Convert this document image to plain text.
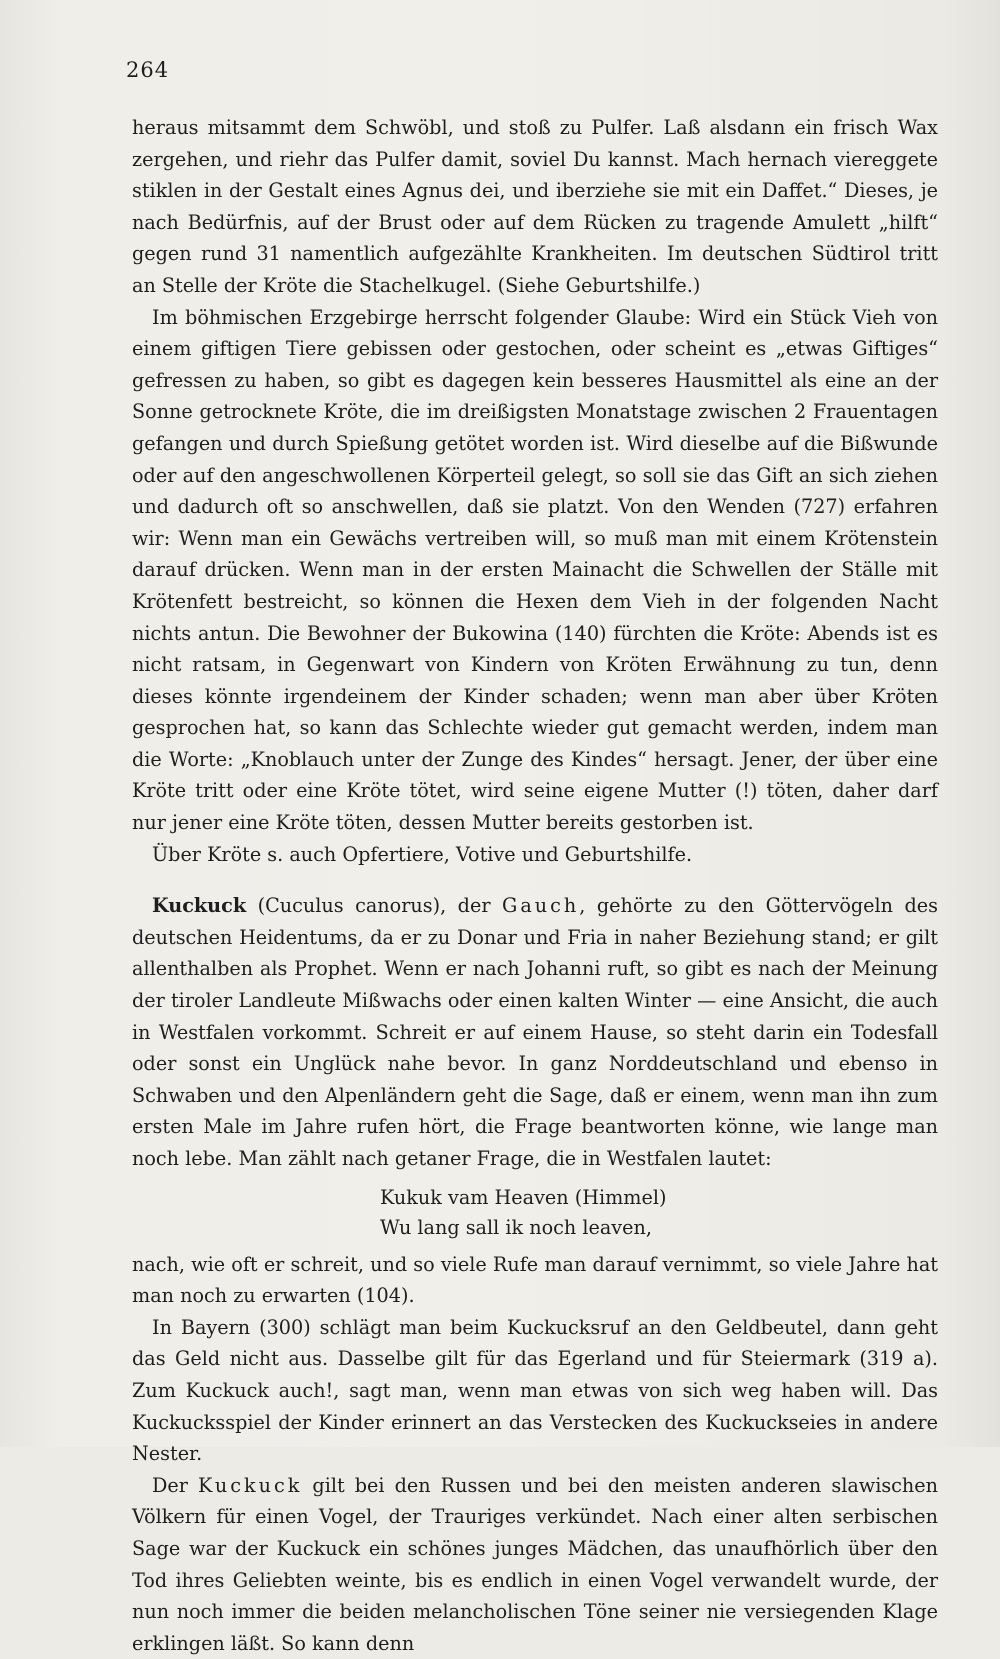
264

heraus mitsammt dem Schwöbl, und stoß zu Pulfer. Laß alsdann ein frisch Wax zergehen, und riehr das Pulfer damit, soviel Du kannst. Mach hernach viereggete stiklen in der Gestalt eines Agnus dei, und iberziehe sie mit ein Daffet.“ Dieses, je nach Bedürfnis, auf der Brust oder auf dem Rücken zu tragende Amulett „hilft“ gegen rund 31 namentlich aufgezählte Krankheiten. Im deutschen Südtirol tritt an Stelle der Kröte die Stachelkugel. (Siehe Geburtshilfe.)

Im böhmischen Erzgebirge herrscht folgender Glaube: Wird ein Stück Vieh von einem giftigen Tiere gebissen oder gestochen, oder scheint es „etwas Giftiges“ gefressen zu haben, so gibt es dagegen kein besseres Hausmittel als eine an der Sonne getrocknete Kröte, die im dreißigsten Monatstage zwischen 2 Frauentagen gefangen und durch Spießung getötet worden ist. Wird dieselbe auf die Bißwunde oder auf den angeschwollenen Körperteil gelegt, so soll sie das Gift an sich ziehen und dadurch oft so anschwellen, daß sie platzt. Von den Wenden (727) erfahren wir: Wenn man ein Gewächs vertreiben will, so muß man mit einem Krötenstein darauf drücken. Wenn man in der ersten Mainacht die Schwellen der Ställe mit Krötenfett bestreicht, so können die Hexen dem Vieh in der folgenden Nacht nichts antun. Die Bewohner der Bukowina (140) fürchten die Kröte: Abends ist es nicht ratsam, in Gegenwart von Kindern von Kröten Erwähnung zu tun, denn dieses könnte irgendeinem der Kinder schaden; wenn man aber über Kröten gesprochen hat, so kann das Schlechte wieder gut gemacht werden, indem man die Worte: „Knoblauch unter der Zunge des Kindes“ hersagt. Jener, der über eine Kröte tritt oder eine Kröte tötet, wird seine eigene Mutter (!) töten, daher darf nur jener eine Kröte töten, dessen Mutter bereits gestorben ist.

Über Kröte s. auch Opfertiere, Votive und Geburtshilfe.

Kuckuck (Cuculus canorus), der Gauch, gehörte zu den Göttervögeln des deutschen Heidentums, da er zu Donar und Fria in naher Beziehung stand; er gilt allenthalben als Prophet. Wenn er nach Johanni ruft, so gibt es nach der Meinung der tiroler Landleute Mißwachs oder einen kalten Winter — eine Ansicht, die auch in Westfalen vorkommt. Schreit er auf einem Hause, so steht darin ein Todesfall oder sonst ein Unglück nahe bevor. In ganz Norddeutschland und ebenso in Schwaben und den Alpenländern geht die Sage, daß er einem, wenn man ihn zum ersten Male im Jahre rufen hört, die Frage beantworten könne, wie lange man noch lebe. Man zählt nach getaner Frage, die in Westfalen lautet:

Kukuk vam Heaven (Himmel)
Wu lang sall ik noch leaven,

nach, wie oft er schreit, und so viele Rufe man darauf vernimmt, so viele Jahre hat man noch zu erwarten (104).

In Bayern (300) schlägt man beim Kuckucksruf an den Geldbeutel, dann geht das Geld nicht aus. Dasselbe gilt für das Egerland und für Steiermark (319 a). Zum Kuckuck auch!, sagt man, wenn man etwas von sich weg haben will. Das Kuckucksspiel der Kinder erinnert an das Verstecken des Kuckuckseies in andere Nester.

Der Kuckuck gilt bei den Russen und bei den meisten anderen slawischen Völkern für einen Vogel, der Trauriges verkündet. Nach einer alten serbischen Sage war der Kuckuck ein schönes junges Mädchen, das unaufhörlich über den Tod ihres Geliebten weinte, bis es endlich in einen Vogel verwandelt wurde, der nun noch immer die beiden melancholischen Töne seiner nie versiegenden Klage erklingen läßt. So kann denn
